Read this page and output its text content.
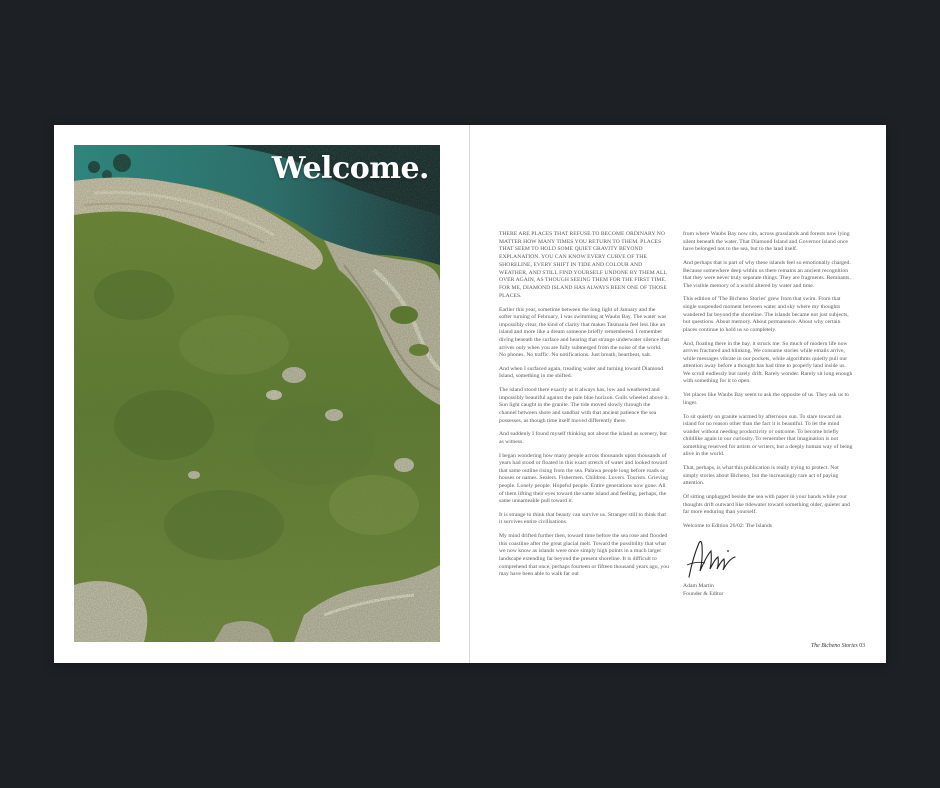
Welcome.

THERE ARE PLACES THAT REFUSE TO BECOME ORDINARY NO MATTER HOW MANY TIMES YOU RETURN TO THEM. PLACES THAT SEEM TO HOLD SOME QUIET GRAVITY BEYOND EXPLANATION. YOU CAN KNOW EVERY CURVE OF THE SHORELINE, EVERY SHIFT IN TIDE AND COLOUR AND WEATHER, AND STILL FIND YOURSELF UNDONE BY THEM ALL OVER AGAIN, AS THOUGH SEEING THEM FOR THE FIRST TIME. FOR ME, DIAMOND ISLAND HAS ALWAYS BEEN ONE OF THOSE PLACES.

Earlier this year, sometime between the long light of January and the softer turning of February, I was swimming at Waubs Bay. The water was impossibly clear, the kind of clarity that makes Tasmania feel less like an island and more like a dream someone briefly remembered. I remember diving beneath the surface and hearing that strange underwater silence that arrives only when you are fully submerged from the noise of the world. No phones. No traffic. No notifications. Just breath, heartbeat, salt.

And when I surfaced again, treading water and turning toward Diamond Island, something in me shifted.

The island stood there exactly as it always has, low and weathered and impossibly beautiful against the pale blue horizon. Gulls wheeled above it. Sun light caught in the granite. The tide moved slowly through the channel between shore and sandbar with that ancient patience the sea possesses, as though time itself moved differently there.

And suddenly I found myself thinking not about the island as scenery, but as witness.

I began wondering how many people across thousands upon thousands of years had stood or floated in this exact stretch of water and looked toward that same outline rising from the sea. Palawa people long before roads or houses or names. Sealers. Fishermen. Children. Lovers. Tourists. Grieving people. Lonely people. Hopeful people. Entire generations now gone. All of them lifting their eyes toward the same island and feeling, perhaps, the same unnameable pull toward it.

It is strange to think that beauty can survive us. Stranger still to think that it survives entire civilisations.

My mind drifted further then, toward time before the sea rose and flooded this coastline after the great glacial melt. Toward the possibility that what we now know as islands were once simply high points in a much larger landscape extending far beyond the present shoreline. It is difficult to comprehend that once, perhaps fourteen or fifteen thousand years ago, you may have been able to walk far out

from where Waubs Bay now sits, across grasslands and forests now lying silent beneath the water. That Diamond Island and Governor Island once have belonged not to the sea, but to the land itself.

And perhaps that is part of why these islands feel so emotionally charged. Because somewhere deep within us there remains an ancient recognition that they were never truly separate things. They are fragments. Remnants. The visible memory of a world altered by water and time.

This edition of 'The Bicheno Stories' grew from that swim. From that single suspended moment between water and sky where my thoughts wandered far beyond the shoreline. The islands became not just subjects, but questions. About memory. About permanence. About why certain places continue to hold us so completely.

And, floating there in the bay, it struck me: So much of modern life now arrives fractured and blinking. We consume stories while emails arrive, while messages vibrate in our pockets, while algorithms quietly pull our attention away before a thought has had time to properly land inside us. We scroll endlessly but rarely drift. Rarely wonder. Rarely sit long enough with something for it to open.

Yet places like Waubs Bay seem to ask the opposite of us. They ask us to linger.

To sit quietly on granite warmed by afternoon sun. To stare toward an island for no reason other than the fact it is beautiful. To let the mind wander without needing productivity or outcome. To become briefly childlike again in our curiosity. To remember that imagination is not something reserved for artists or writers, but a deeply human way of being alive in the world.

That, perhaps, is what this publication is really trying to protect. Not simply stories about Bicheno, but the increasingly rare act of paying attention.

Of sitting unplugged beside the sea with paper in your hands while your thoughts drift outward like tidewater toward something older, quieter and far more enduring than yourself.

Welcome to Edition 26/02: The Islands

Adam Martin
Founder & Editor
The Bicheno Stories 03
